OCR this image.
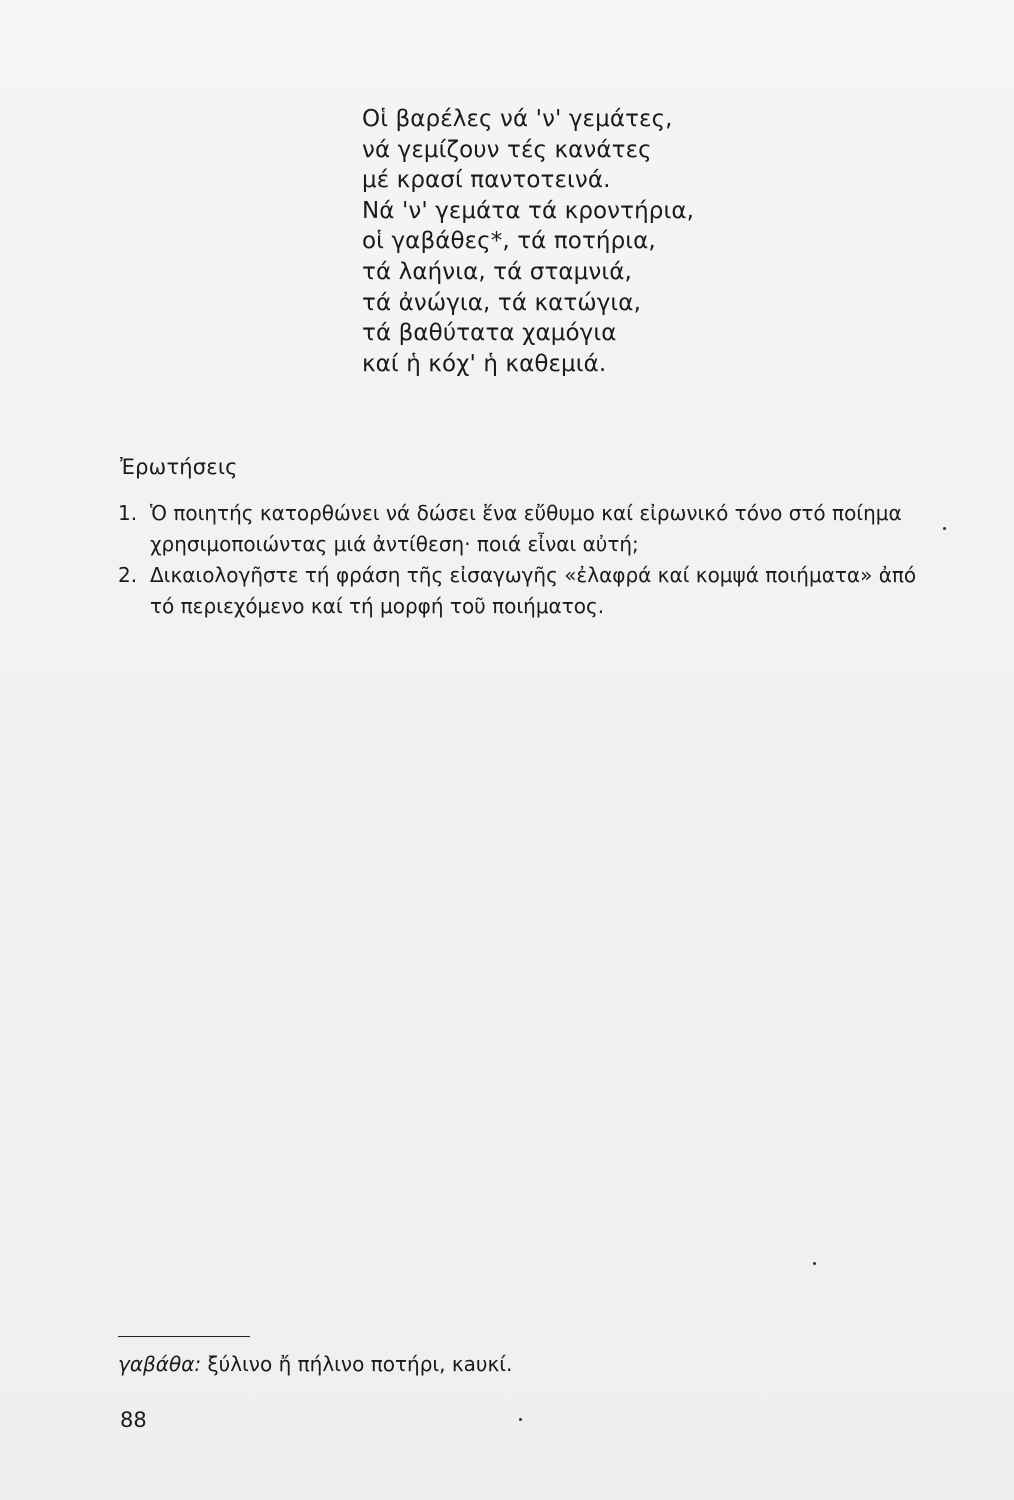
Οἱ βαρέλες νά 'ν' γεμάτες,
νά γεμίζουν τές κανάτες
μέ κρασί παντοτεινά.
Νά 'ν' γεμάτα τά κροντήρια,
οἱ γαβάθες*, τά ποτήρια,
τά λαήνια, τά σταμνιά,
τά ἀνώγια, τά κατώγια,
τά βαθύτατα χαμόγια
καί ἡ κόχ' ἡ καθεμιά.
Ἐρωτήσεις
1. Ὁ ποιητής κατορθώνει νά δώσει ἕνα εὔθυμο καί εἰρωνικό τόνο στό ποίημα
χρησιμοποιώντας μιά ἀντίθεση· ποιά εἶναι αὐτή;
2. Δικαιολογῆστε τή φράση τῆς εἰσαγωγῆς «ἐλαφρά καί κομψά ποιήματα» ἀπό
τό περιεχόμενο καί τή μορφή τοῦ ποιήματος.
γαβάθα: ξύλινο ἤ πήλινο ποτήρι, κaυκί.
88
